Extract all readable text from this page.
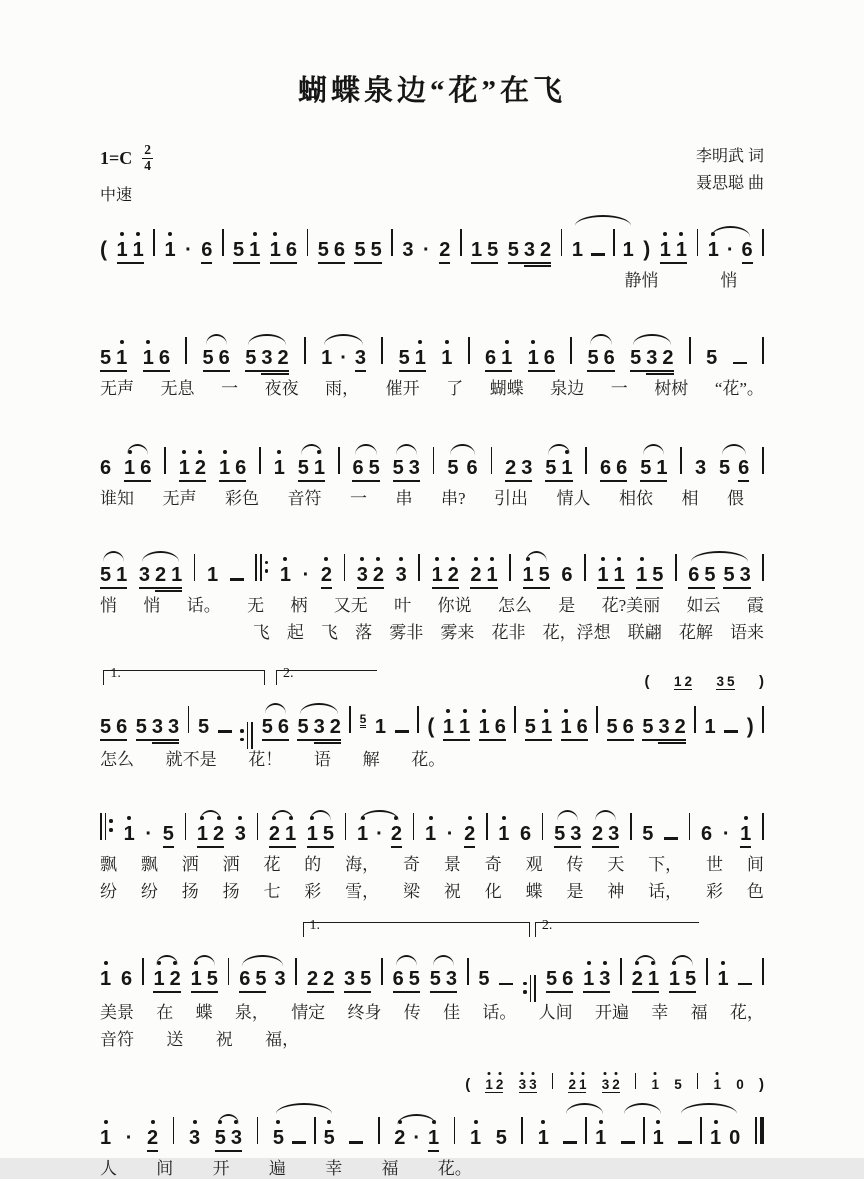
蝴蝶泉边“花”在飞
$1=C \frac{2}{4}$
中速
李明武 词
聂思聪 曲
( 1 1 1 · 6 5 1 1 6 5 6 5 5 3 · 2 1 5 5 3 2 1 1 ) 1 1 1 · 6
静悄	悄
5 1 1 6 5 6 5 3 2 1 · 3 5 1 1 6 1 1 6 5 6 5 3 2 5
无声 无息 一 夜夜 雨， 催开 了 蝴蝶 泉边 一 树树 “花”。
6 1 6 1 2 1 6 1 5 1 6 5 5 3 5 6 2 3 5 1 6 6 5 1 3 5 6
谁知 无声 彩色 音符 一 串 串? 引出 情人 相依 相 偎
5 1 3 2 1 1	1 · 2 3 2 3 1 2 2 1 1 5 6 1 1 1 5 6 5 5 3
悄 悄 话。 无 柄 又无 叶 你说 怎么 是 花?美丽 如云 霞
飞 起 飞 落 雾非 雾来 花非 花，浮想 联翩 花解 语来
1.	2.	( 1 2 3 5 )
5 6 5 3 3 5	5 6 5 3 2 5 1 ( 1 1 1 6 5 1 1 6 5 6 5 3 2 1 )
怎么 就不是 花！ 语 解 花。
1 · 5 1 2 3 2 1 1 5 1 · 2 1 · 2 1 6 5 3 2 3 5 6 · 1
飘 飘 洒 洒 花 的 海， 奇 景 奇 观 传 天 下， 世 间
纷 纷 扬 扬 七 彩 雪， 梁 祝 化 蝶 是 神 话， 彩 色
1.	2.
1 6 1 2 1 5 6 5 3 2 2 3 5 6 5 5 3 5	5 6 1 3 2 1 1 5 1
美景 在 蝶 泉， 情定 终身 传 佳 话。 人间 开遍 幸 福 花，
音符 送 祝 福，
( 1 2 3 3 2 1 3 2 1 5 1 0 )
1 · 2 3 5 3 5 5	2 · 1 1 5 1 1 1 1 0
人 间 开 遍 幸 福 花。
